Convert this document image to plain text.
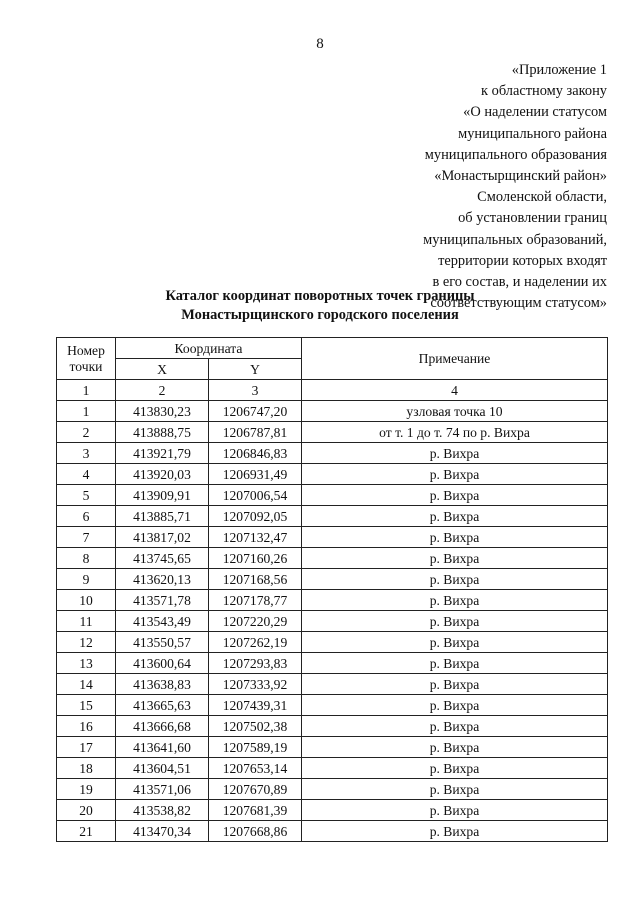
8
«Приложение 1
к областному закону
«О наделении статусом
муниципального района
муниципального образования
«Монастырщинский район»
Смоленской области,
об установлении границ
муниципальных образований,
территории которых входят
в его состав, и наделении их
соответствующим статусом»
Каталог координат поворотных точек границы
Монастырщинского городского поселения
Номер
точки	Координата		Примечание
	X	Y	
1	2	3	4
1	413830,23	1206747,20	узловая точка 10
2	413888,75	1206787,81	от т. 1 до т. 74 по р. Вихра
3	413921,79	1206846,83	р. Вихра
4	413920,03	1206931,49	р. Вихра
5	413909,91	1207006,54	р. Вихра
6	413885,71	1207092,05	р. Вихра
7	413817,02	1207132,47	р. Вихра
8	413745,65	1207160,26	р. Вихра
9	413620,13	1207168,56	р. Вихра
10	413571,78	1207178,77	р. Вихра
11	413543,49	1207220,29	р. Вихра
12	413550,57	1207262,19	р. Вихра
13	413600,64	1207293,83	р. Вихра
14	413638,83	1207333,92	р. Вихра
15	413665,63	1207439,31	р. Вихра
16	413666,68	1207502,38	р. Вихра
17	413641,60	1207589,19	р. Вихра
18	413604,51	1207653,14	р. Вихра
19	413571,06	1207670,89	р. Вихра
20	413538,82	1207681,39	р. Вихра
21	413470,34	1207668,86	р. Вихра
